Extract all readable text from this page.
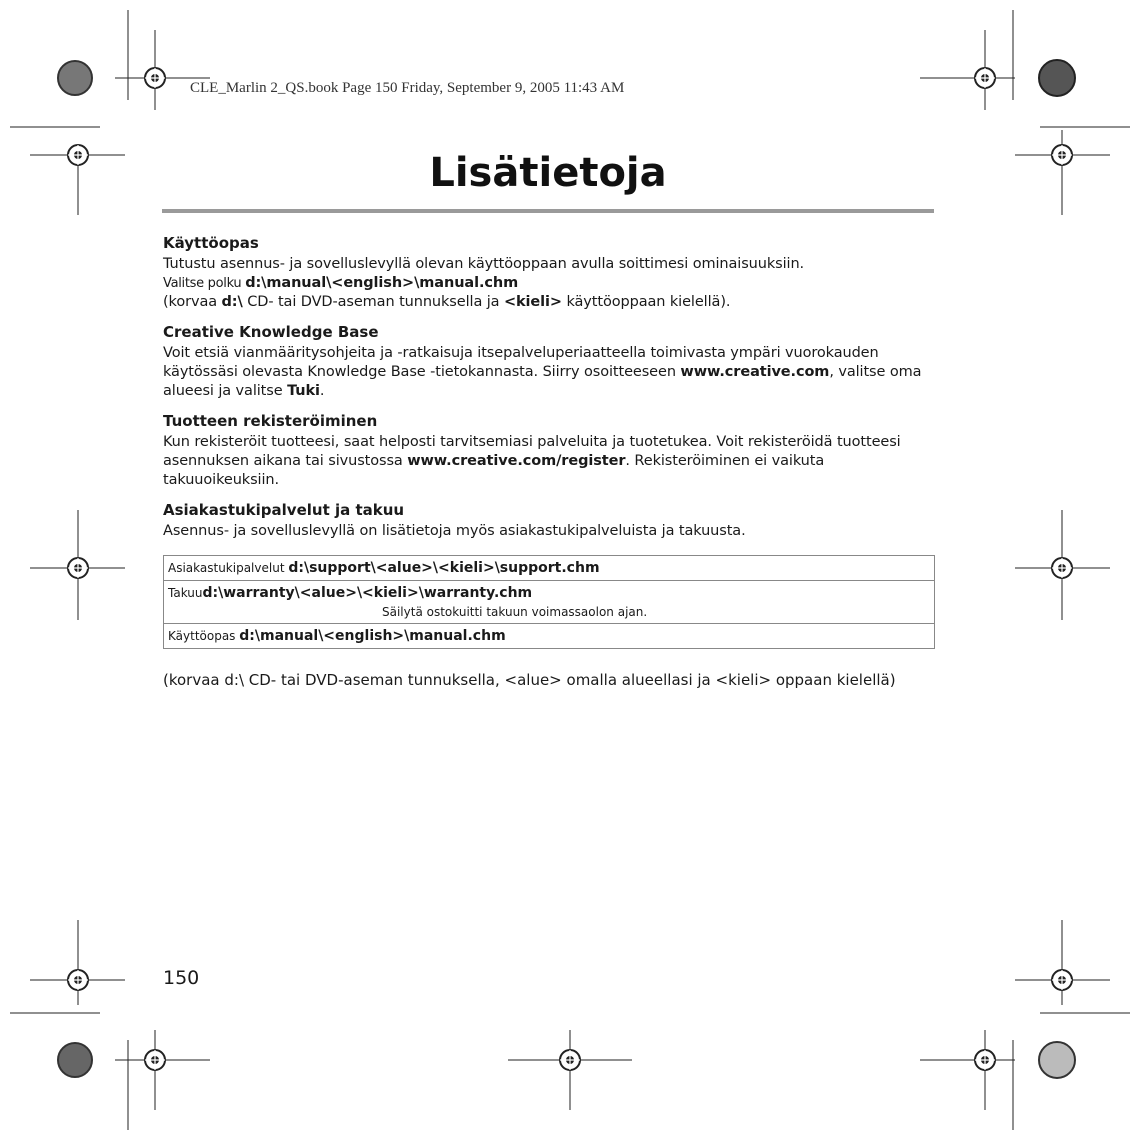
CLE_Marlin 2_QS.book Page 150 Friday, September 9, 2005 11:43 AM
Lisätietoja
Käyttöopas
Tutustu asennus- ja sovelluslevyllä olevan käyttöoppaan avulla soittimesi ominaisuuksiin.
Valitse polku d:\manual\<english>\manual.chm
(korvaa d:\ CD- tai DVD-aseman tunnuksella ja <kieli> käyttöoppaan kielellä).
Creative Knowledge Base
Voit etsiä vianmääritysohjeita ja -ratkaisuja itsepalveluperiaatteella toimivasta ympäri vuorokauden käytössäsi olevasta Knowledge Base -tietokannasta. Siirry osoitteeseen www.creative.com, valitse oma alueesi ja valitse Tuki.
Tuotteen rekisteröiminen
Kun rekisteröit tuotteesi, saat helposti tarvitsemiasi palveluita ja tuotetukea. Voit rekisteröidä tuotteesi asennuksen aikana tai sivustossa www.creative.com/register. Rekisteröiminen ei vaikuta takuuoikeuksiin.
Asiakastukipalvelut ja takuu
Asennus- ja sovelluslevyllä on lisätietoja myös asiakastukipalveluista ja takuusta.
Asiakastukipalvelut d:\support\<alue>\<kieli>\support.chm
Takuud:\warranty\<alue>\<kieli>\warranty.chm
Säilytä ostokuitti takuun voimassaolon ajan.

Käyttöopas d:\manual\<english>\manual.chm
(korvaa d:\ CD- tai DVD-aseman tunnuksella, <alue> omalla alueellasi ja <kieli> oppaan kielellä)
150
